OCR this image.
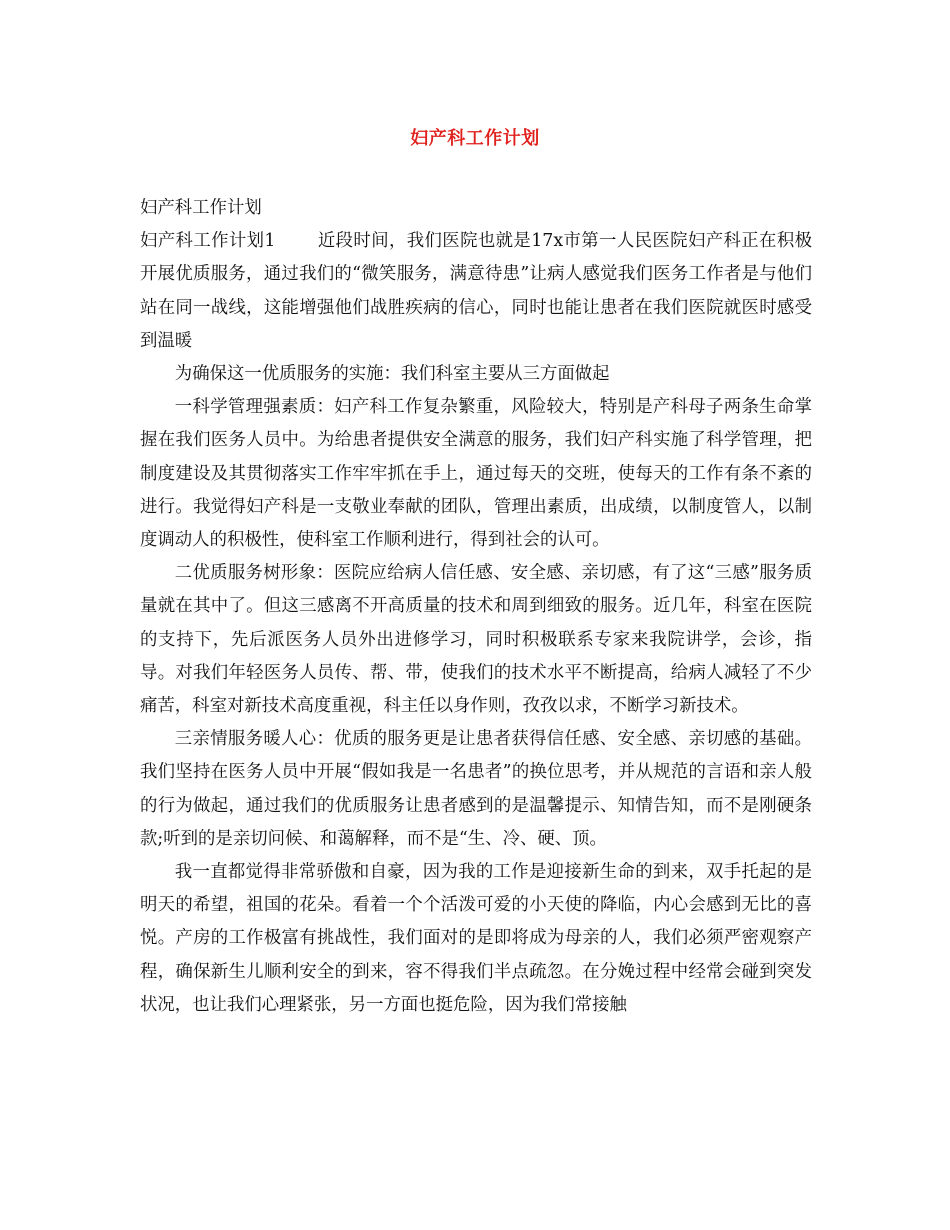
妇产科工作计划

妇产科工作计划

妇产科工作计划1 近段时间，我们医院也就是17x市第一人民医院妇产科正在积极开展优质服务，通过我们的“微笑服务，满意待患”让病人感觉我们医务工作者是与他们站在同一战线，这能增强他们战胜疾病的信心，同时也能让患者在我们医院就医时感受到温暖

为确保这一优质服务的实施：我们科室主要从三方面做起

一科学管理强素质：妇产科工作复杂繁重，风险较大，特别是产科母子两条生命掌握在我们医务人员中。为给患者提供安全满意的服务，我们妇产科实施了科学管理，把制度建设及其贯彻落实工作牢牢抓在手上，通过每天的交班，使每天的工作有条不紊的进行。我觉得妇产科是一支敬业奉献的团队，管理出素质，出成绩，以制度管人，以制度调动人的积极性，使科室工作顺利进行，得到社会的认可。

二优质服务树形象：医院应给病人信任感、安全感、亲切感，有了这“三感”服务质量就在其中了。但这三感离不开高质量的技术和周到细致的服务。近几年，科室在医院的支持下，先后派医务人员外出进修学习，同时积极联系专家来我院讲学，会诊，指导。对我们年轻医务人员传、帮、带，使我们的技术水平不断提高，给病人减轻了不少痛苦，科室对新技术高度重视，科主任以身作则，孜孜以求，不断学习新技术。

三亲情服务暖人心：优质的服务更是让患者获得信任感、安全感、亲切感的基础。我们坚持在医务人员中开展“假如我是一名患者”的换位思考，并从规范的言语和亲人般的行为做起，通过我们的优质服务让患者感到的是温馨提示、知情告知，而不是刚硬条款;听到的是亲切问候、和蔼解释，而不是“生、冷、硬、顶。

我一直都觉得非常骄傲和自豪，因为我的工作是迎接新生命的到来，双手托起的是明天的希望，祖国的花朵。看着一个个活泼可爱的小天使的降临，内心会感到无比的喜悦。产房的工作极富有挑战性，我们面对的是即将成为母亲的人，我们必须严密观察产程，确保新生儿顺利安全的到来，容不得我们半点疏忽。在分娩过程中经常会碰到突发状况，也让我们心理紧张，另一方面也挺危险，因为我们常接触
